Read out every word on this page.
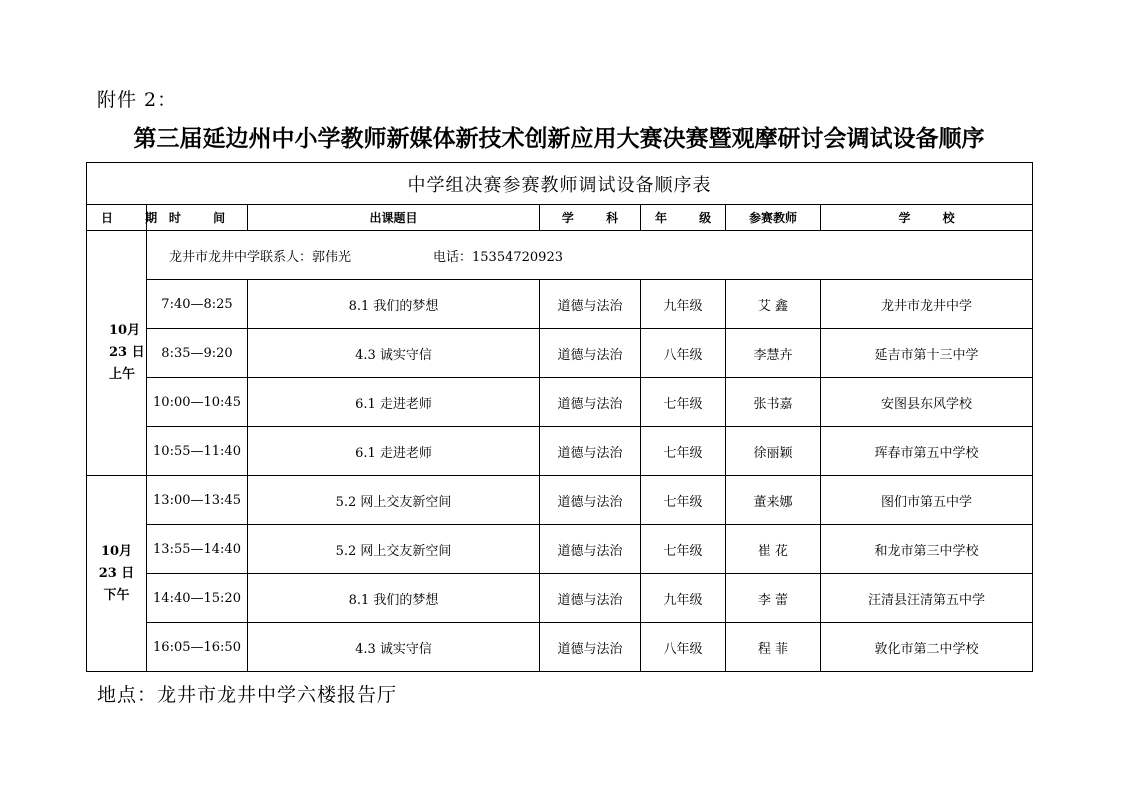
附件 2：
第三届延边州中小学教师新媒体新技术创新应用大赛决赛暨观摩研讨会调试设备顺序
中学组决赛参赛教师调试设备顺序表						
日 期	时 间	出课题目	学 科	年 级	参赛教师	学 校
10月
23 日
上午	龙井市龙井中学联系人：郭伟光 电话：15354720923					
	7:40—8:25	8.1 我们的梦想	道德与法治	九年级	艾 鑫	龙井市龙井中学
	8:35—9:20	4.3 诚实守信	道德与法治	八年级	李慧卉	延吉市第十三中学
	10:00—10:45	6.1 走进老师	道德与法治	七年级	张书嘉	安图县东风学校
	10:55—11:40	6.1 走进老师	道德与法治	七年级	徐丽颖	珲春市第五中学校
10月
23 日
下午	13:00—13:45	5.2 网上交友新空间	道德与法治	七年级	董来娜	图们市第五中学
	13:55—14:40	5.2 网上交友新空间	道德与法治	七年级	崔 花	和龙市第三中学校
	14:40—15:20	8.1 我们的梦想	道德与法治	九年级	李 蕾	汪清县汪清第五中学
	16:05—16:50	4.3 诚实守信	道德与法治	八年级	程 菲	敦化市第二中学校
地点：龙井市龙井中学六楼报告厅
